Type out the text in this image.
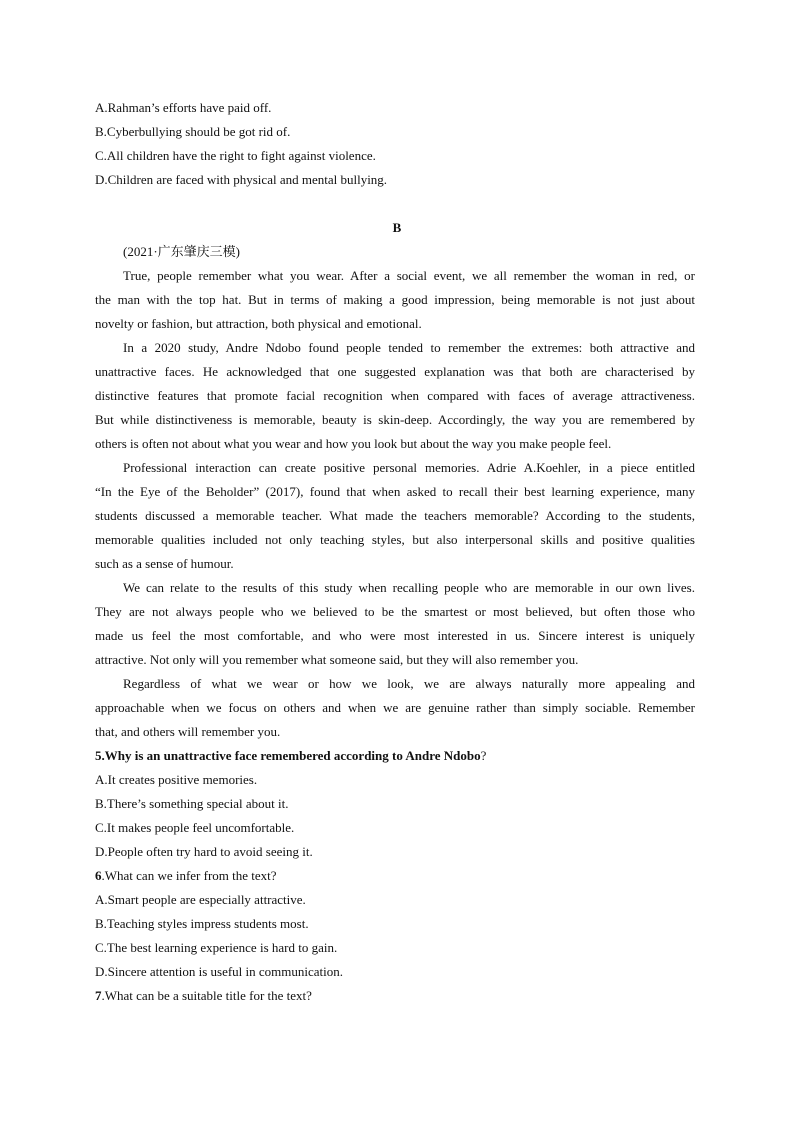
A.Rahman’s efforts have paid off.
B.Cyberbullying should be got rid of.
C.All children have the right to fight against violence.
D.Children are faced with physical and mental bullying.
B
(2021·广东肇庆三模)
True, people remember what you wear. After a social event, we all remember the woman in red, or
the man with the top hat. But in terms of making a good impression, being memorable is not just about
novelty or fashion, but attraction, both physical and emotional.
In a 2020 study, Andre Ndobo found people tended to remember the extremes: both attractive and
unattractive faces. He acknowledged that one suggested explanation was that both are characterised by
distinctive features that promote facial recognition when compared with faces of average attractiveness.
But while distinctiveness is memorable, beauty is skin-deep. Accordingly, the way you are remembered by
others is often not about what you wear and how you look but about the way you make people feel.
Professional interaction can create positive personal memories. Adrie A.Koehler, in a piece entitled
“In the Eye of the Beholder” (2017), found that when asked to recall their best learning experience, many
students discussed a memorable teacher. What made the teachers memorable? According to the students,
memorable qualities included not only teaching styles, but also interpersonal skills and positive qualities
such as a sense of humour.
We can relate to the results of this study when recalling people who are memorable in our own lives.
They are not always people who we believed to be the smartest or most believed, but often those who
made us feel the most comfortable, and who were most interested in us. Sincere interest is uniquely
attractive. Not only will you remember what someone said, but they will also remember you.
Regardless of what we wear or how we look, we are always naturally more appealing and
approachable when we focus on others and when we are genuine rather than simply sociable. Remember
that, and others will remember you.
5.Why is an unattractive face remembered according to Andre Ndobo?
A.It creates positive memories.
B.There’s something special about it.
C.It makes people feel uncomfortable.
D.People often try hard to avoid seeing it.
6.What can we infer from the text?
A.Smart people are especially attractive.
B.Teaching styles impress students most.
C.The best learning experience is hard to gain.
D.Sincere attention is useful in communication.
7.What can be a suitable title for the text?
